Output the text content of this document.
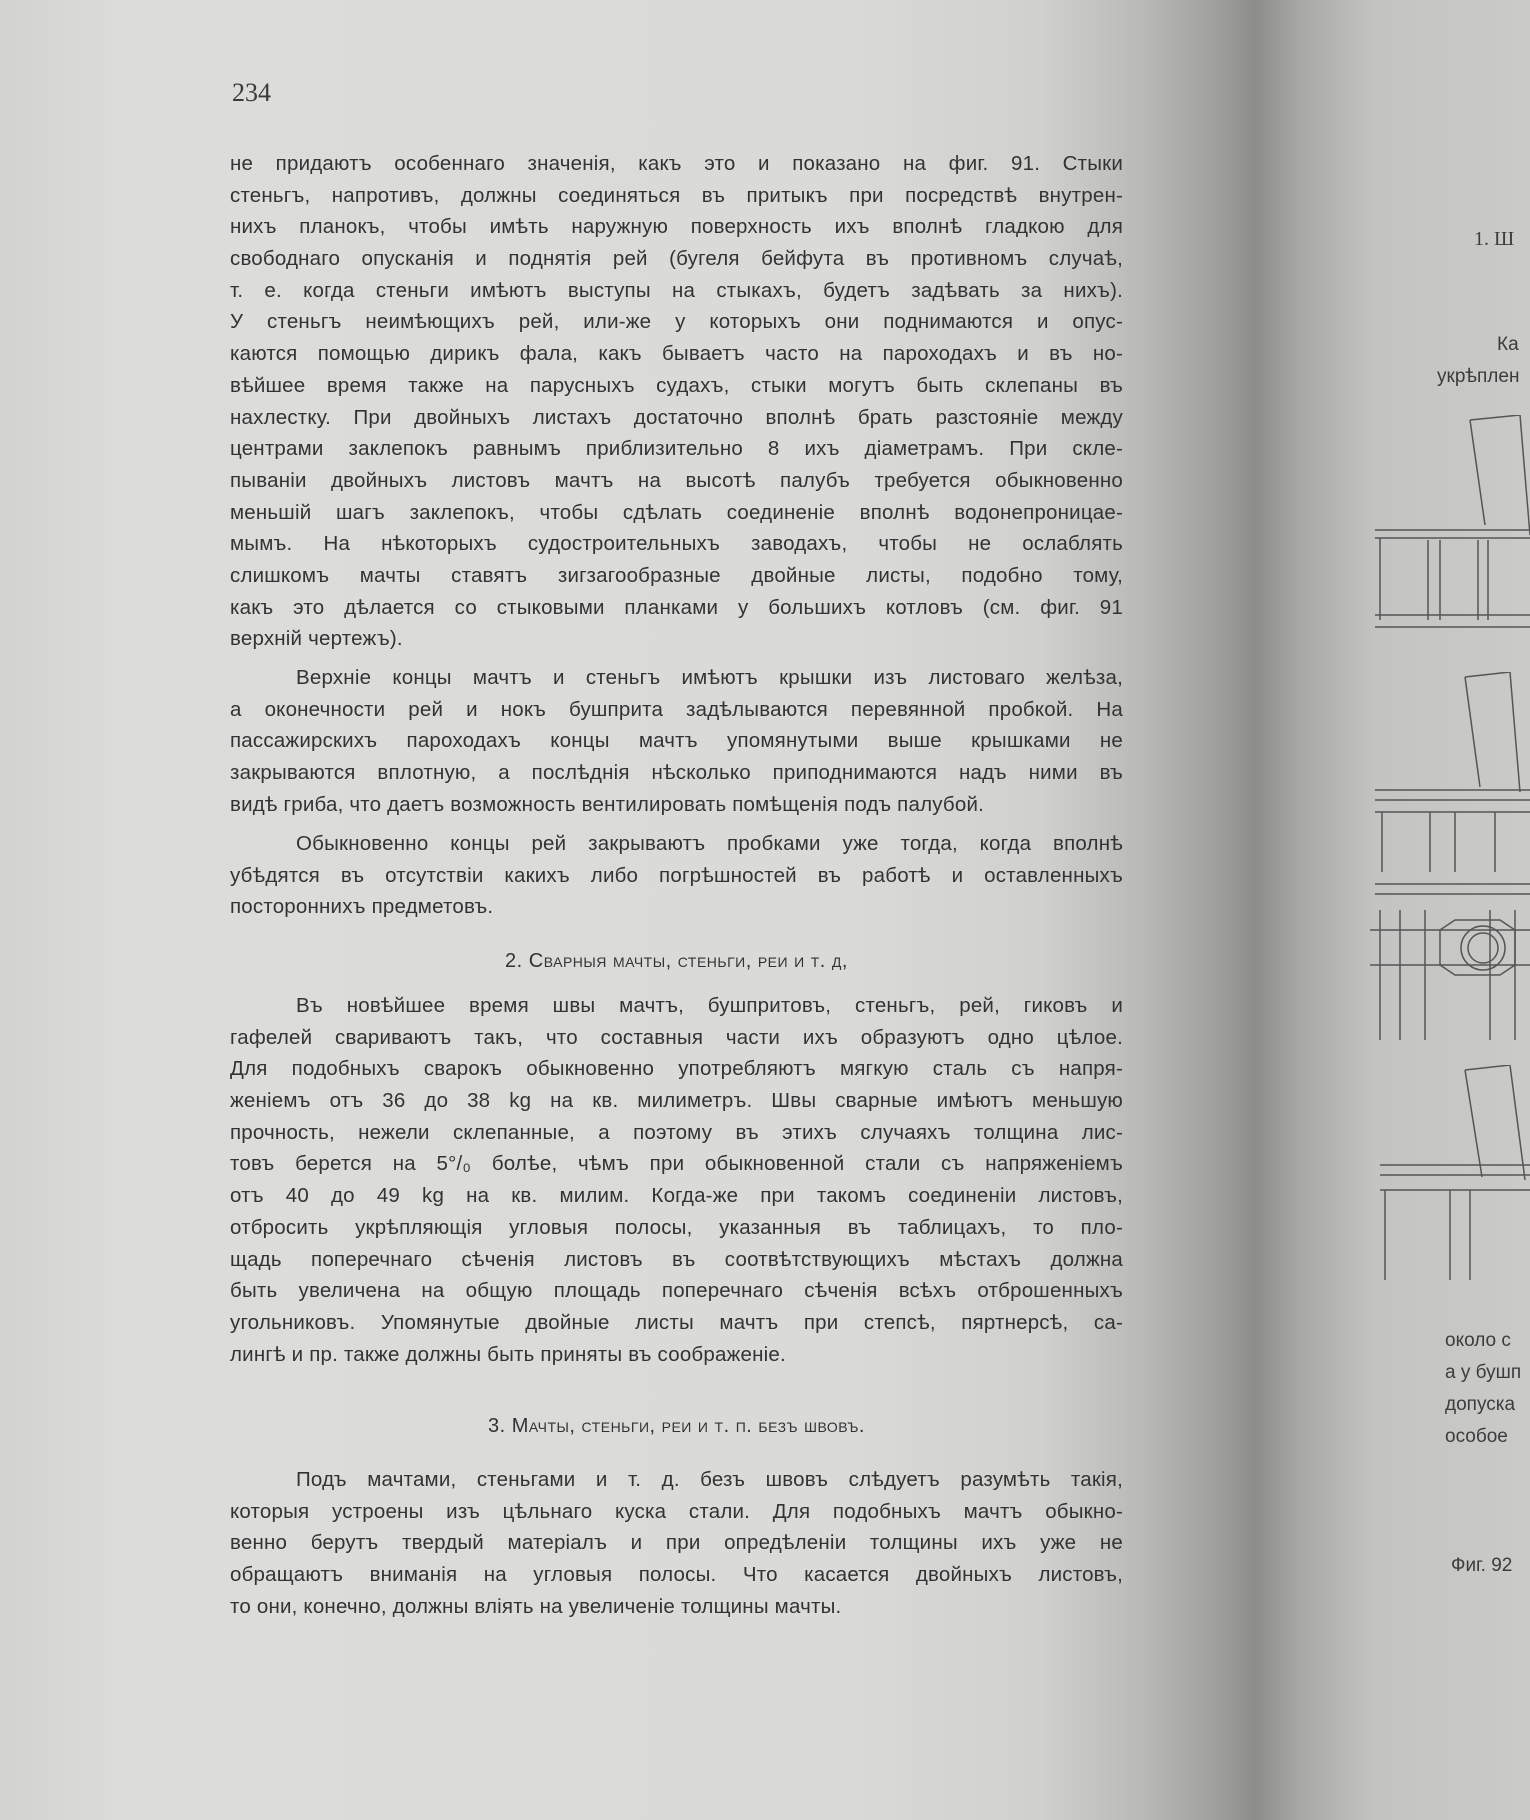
234
не придаютъ особеннаго значенія, какъ это и показано на фиг. 91. Стыки
стеньгъ, напротивъ, должны соединяться въ притыкъ при посредствѣ внутрен-
нихъ планокъ, чтобы имѣть наружную поверхность ихъ вполнѣ гладкою для
свободнаго опусканія и поднятія рей (бугеля бейфута въ противномъ случаѣ,
т. е. когда стеньги имѣютъ выступы на стыкахъ, будетъ задѣвать за нихъ).
У стеньгъ неимѣющихъ рей, или-же у которыхъ они поднимаются и опус-
каются помощью дирикъ фала, какъ бываетъ часто на пароходахъ и въ но-
вѣйшее время также на парусныхъ судахъ, стыки могутъ быть склепаны въ
нахлестку. При двойныхъ листахъ достаточно вполнѣ брать разстояніе между
центрами заклепокъ равнымъ приблизительно 8 ихъ діаметрамъ. При скле-
пываніи двойныхъ листовъ мачтъ на высотѣ палубъ требуется обыкновенно
меньшій шагъ заклепокъ, чтобы сдѣлать соединеніе вполнѣ водонепроницае-
мымъ. На нѣкоторыхъ судостроительныхъ заводахъ, чтобы не ослаблять
слишкомъ мачты ставятъ зигзагообразные двойные листы, подобно тому,
какъ это дѣлается со стыковыми планками у большихъ котловъ (см. фиг. 91
верхній чертежъ).
Верхніе концы мачтъ и стеньгъ имѣютъ крышки изъ листоваго желѣза,
а оконечности рей и нокъ бушприта задѣлываются перевянной пробкой. На
пассажирскихъ пароходахъ концы мачтъ упомянутыми выше крышками не
закрываются вплотную, а послѣднія нѣсколько приподнимаются надъ ними въ
видѣ гриба, что даетъ возможность вентилировать помѣщенія подъ палубой.
Обыкновенно концы рей закрываютъ пробками уже тогда, когда вполнѣ
убѣдятся въ отсутствіи какихъ либо погрѣшностей въ работѣ и оставленныхъ
постороннихъ предметовъ.
2. Сварныя мачты, стеньги, реи и т. д,
Въ новѣйшее время швы мачтъ, бушпритовъ, стеньгъ, рей, гиковъ и
гафелей свариваютъ такъ, что составныя части ихъ образуютъ одно цѣлое.
Для подобныхъ сварокъ обыкновенно употребляютъ мягкую сталь съ напря-
женіемъ отъ 36 до 38 kg на кв. милиметръ. Швы сварные имѣютъ меньшую
прочность, нежели склепанные, а поэтому въ этихъ случаяхъ толщина лис-
товъ берется на 5°/₀ болѣе, чѣмъ при обыкновенной стали съ напряженіемъ
отъ 40 до 49 kg на кв. милим. Когда-же при такомъ соединеніи листовъ,
отбросить укрѣпляющія угловыя полосы, указанныя въ таблицахъ, то пло-
щадь поперечнаго сѣченія листовъ въ соотвѣтствующихъ мѣстахъ должна
быть увеличена на общую площадь поперечнаго сѣченія всѣхъ отброшенныхъ
угольниковъ. Упомянутые двойные листы мачтъ при степсѣ, пяртнерсѣ, са-
лингѣ и пр. также должны быть приняты въ соображеніе.
3. Мачты, стеньги, реи и т. п. безъ швовъ.
Подъ мачтами, стеньгами и т. д. безъ швовъ слѣдуетъ разумѣть такія,
которыя устроены изъ цѣльнаго куска стали. Для подобныхъ мачтъ обыкно-
венно берутъ твердый матеріалъ и при опредѣленіи толщины ихъ уже не
обращаютъ вниманія на угловыя полосы. Что касается двойныхъ листовъ,
то они, конечно, должны вліять на увеличеніе толщины мачты.
1. Ш
Ка
укрѣплен
около с
а у бушп
допуска
особое
Фиг. 92
